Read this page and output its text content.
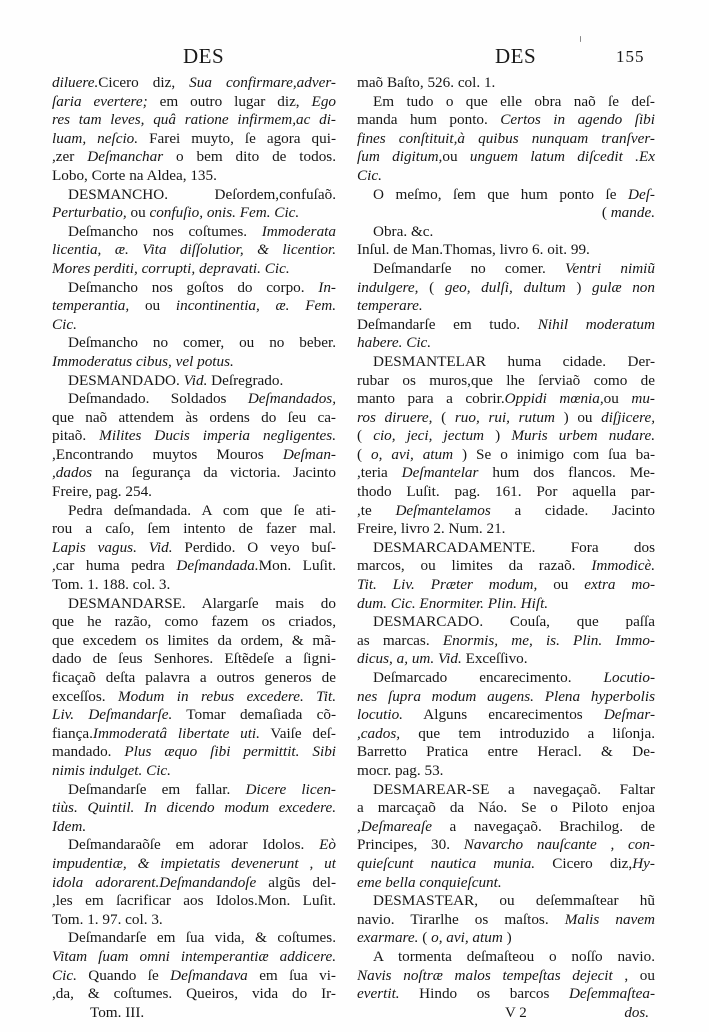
DES	DES	155
diluere.Cicero diz, Sua confirmare,adver-
ſaria evertere; em outro lugar diz, Ego
res tam leves, quâ ratione infirmem,ac di-
luam, neſcio. Farei muyto, ſe agora qui-
,zer Deſmanchar o bem dito de todos.
Lobo, Corte na Aldea, 135.
DESMANCHO. Deſordem,confuſaõ.
Perturbatio, ou confuſio, onis. Fem. Cic.
Deſmancho nos coſtumes. Immoderata
licentia, æ. Vita diſſolutior, & licentior.
Mores perditi, corrupti, depravati. Cic.
Deſmancho nos goſtos do corpo. In-
temperantia, ou incontinentia, æ. Fem.
Cic.
Deſmancho no comer, ou no beber.
Immoderatus cibus, vel potus.
DESMANDADO. Vid. Deſregrado.
Deſmandado. Soldados Deſmandados,
que naõ attendem às ordens do ſeu ca-
pitaõ. Milites Ducis imperia negligentes.
,Encontrando muytos Mouros Deſman-
,dados na ſegurança da victoria. Jacinto
Freire, pag. 254.
Pedra deſmandada. A com que ſe ati-
rou a caſo, ſem intento de fazer mal.
Lapis vagus. Vid. Perdido. O veyo buſ-
,car huma pedra Deſmandada.Mon. Luſit.
Tom. 1. 188. col. 3.
DESMANDARSE. Alargarſe mais do
que he razão, como fazem os criados,
que excedem os limites da ordem, & mã-
dado de ſeus Senhores. Eſtẽdeſe a ſigni-
ficaçaõ deſta palavra a outros generos de
exceſſos. Modum in rebus excedere. Tit.
Liv. Deſmandarſe. Tomar demaſiada cõ-
fiança.Immoderatâ libertate uti. Vaiſe deſ-
mandado. Plus æquo ſibi permittit. Sibi
nimis indulget. Cic.
Deſmandarſe em fallar. Dicere licen-
tiùs. Quintil. In dicendo modum excedere.
Idem.
Deſmandaraõſe em adorar Idolos. Eò
impudentiæ, & impietatis devenerunt , ut
idola adorarent.Deſmandandoſe algũs del-
,les em ſacrificar aos Idolos.Mon. Luſit.
Tom. 1. 97. col. 3.
Deſmandarſe em ſua vida, & coſtumes.
Vitam ſuam omni intemperantiæ addicere.
Cic. Quando ſe Deſmandava em ſua vi-
,da, & coſtumes. Queiros, vida do Ir-
Tom. III.
maõ Baſto, 526. col. 1.
Em tudo o que elle obra naõ ſe deſ-
manda hum ponto. Certos in agendo ſibi
fines conſtituit,à quibus nunquam tranſver-
ſum digitum,ou unguem latum diſcedit .Ex
Cic.
O meſmo, ſem que hum ponto ſe Deſ-
( mande.
Obra. &c.
Inſul. de Man.Thomas, livro 6. oit. 99.
Deſmandarſe no comer. Ventri nimiũ
indulgere, ( geo, dulſi, dultum ) gulæ non
temperare.
Deſmandarſe em tudo. Nihil moderatum
habere. Cic.
DESMANTELAR huma cidade. Der-
rubar os muros,que lhe ſerviaõ como de
manto para a cobrir.Oppidi mœnia,ou mu-
ros diruere, ( ruo, rui, rutum ) ou diſjicere,
( cio, jeci, jectum ) Muris urbem nudare.
( o, avi, atum ) Se o inimigo com ſua ba-
,teria Deſmantelar hum dos flancos. Me-
thodo Luſit. pag. 161. Por aquella par-
,te Deſmantelamos a cidade. Jacinto
Freire, livro 2. Num. 21.
DESMARCADAMENTE. Fora dos
marcos, ou limites da razaõ. Immodicè.
Tit. Liv. Præter modum, ou extra mo-
dum. Cic. Enormiter. Plin. Hiſt.
DESMARCADO. Couſa, que paſſa
as marcas. Enormis, me, is. Plin. Immo-
dicus, a, um. Vid. Exceſſivo.
Deſmarcado encarecimento. Locutio-
nes ſupra modum augens. Plena hyperbolis
locutio. Alguns encarecimentos Deſmar-
,cados, que tem introduzido a liſonja.
Barretto Pratica entre Heracl. & De-
mocr. pag. 53.
DESMAREAR-SE a navegaçaõ. Faltar
a marcaçaõ da Náo. Se o Piloto enjoa
,Deſmareaſe a navegaçaõ. Brachilog. de
Principes, 30. Navarcho nauſcante , con-
quieſcunt nautica munia. Cicero diz,Hy-
eme bella conquieſcunt.
DESMASTEAR, ou deſemmaſtear hũ
navio. Tirarlhe os maſtos. Malis navem
exarmare. ( o, avi, atum )
A tormenta deſmaſteou o noſſo navio.
Navis noſtræ malos tempeſtas dejecit , ou
evertit. Hindo os barcos Deſemmaſtea-
V 2	dos.
